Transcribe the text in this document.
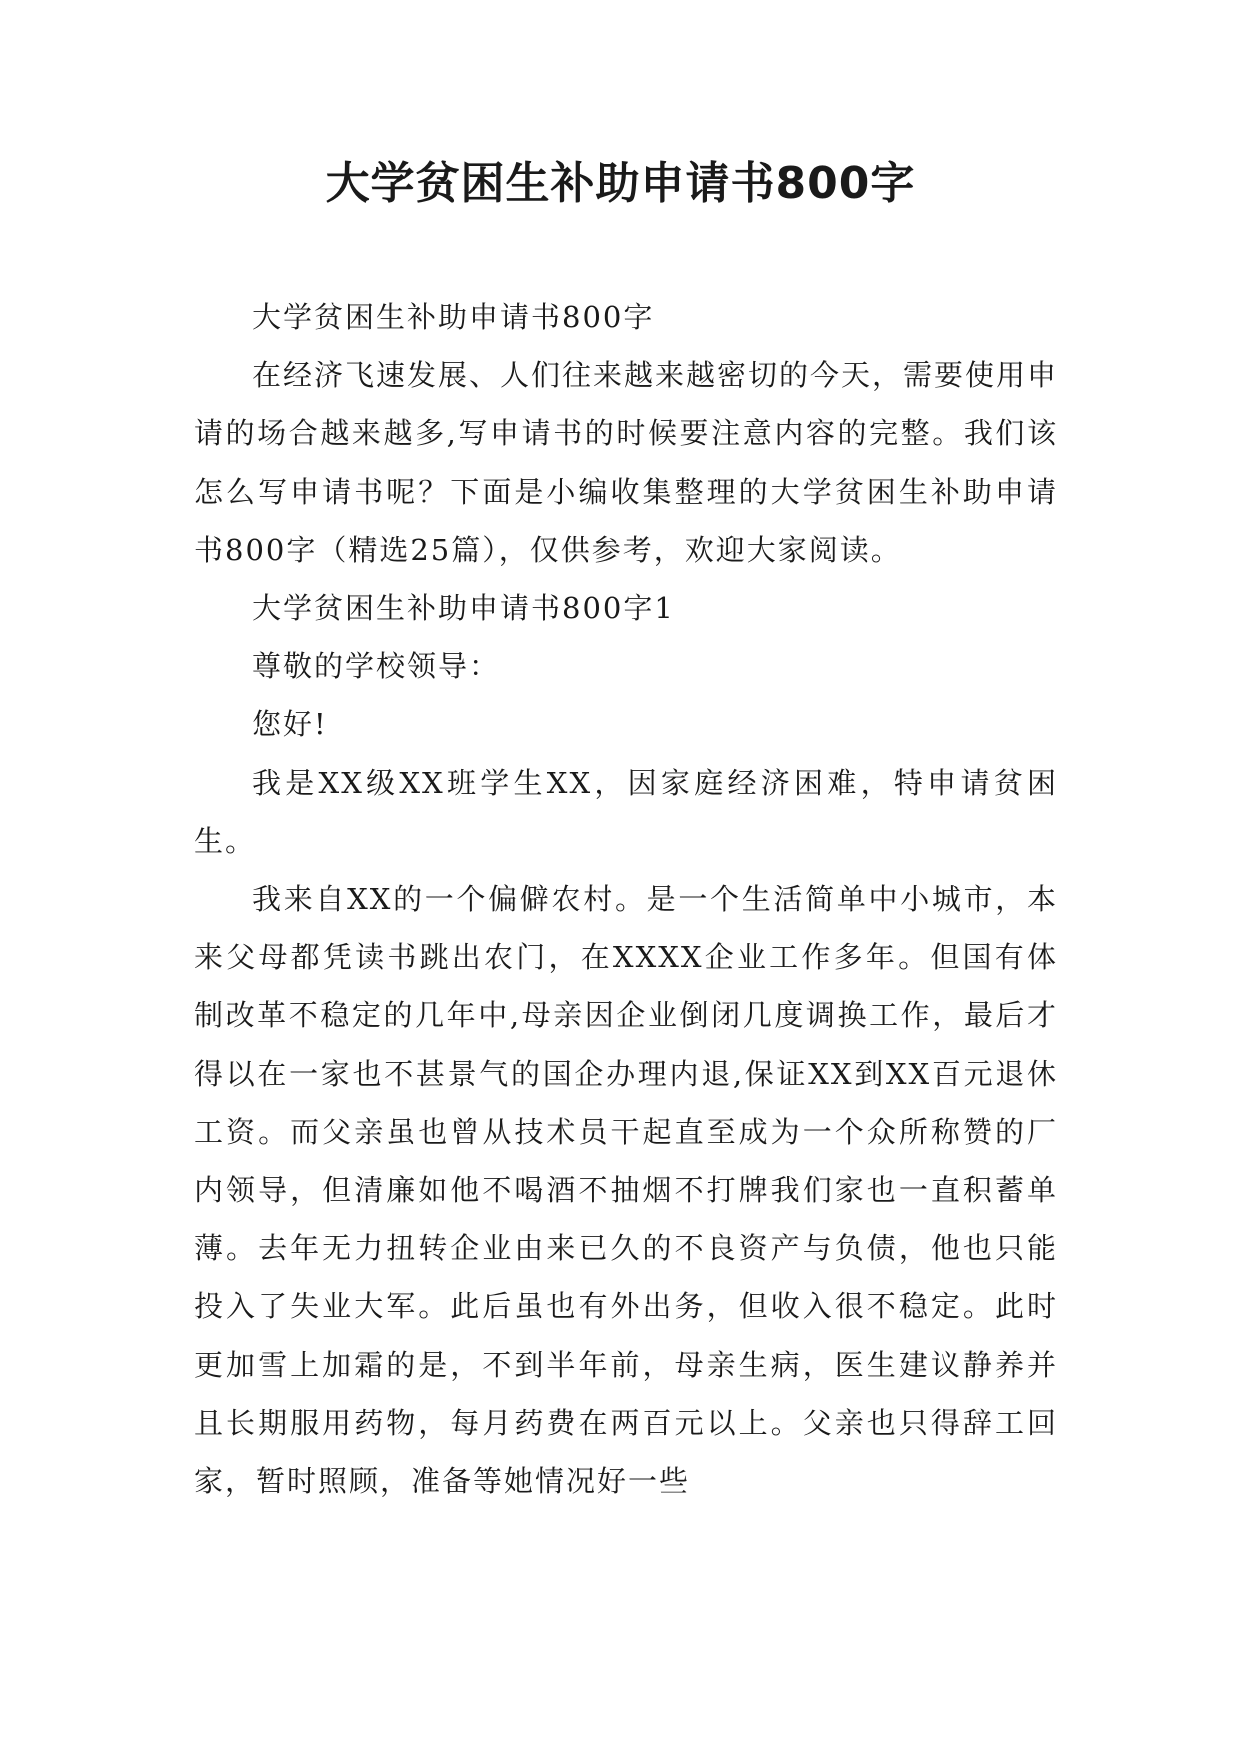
大学贫困生补助申请书800字

大学贫困生补助申请书800字

在经济飞速发展、人们往来越来越密切的今天，需要使用申请的场合越来越多,写申请书的时候要注意内容的完整。我们该怎么写申请书呢？下面是小编收集整理的大学贫困生补助申请书800字（精选25篇），仅供参考，欢迎大家阅读。

大学贫困生补助申请书800字1

尊敬的学校领导：

您好!

我是XX级XX班学生XX，因家庭经济困难，特申请贫困生。

我来自XX的一个偏僻农村。是一个生活简单中小城市，本来父母都凭读书跳出农门，在XXXX企业工作多年。但国有体制改革不稳定的几年中,母亲因企业倒闭几度调换工作，最后才得以在一家也不甚景气的国企办理内退,保证XX到XX百元退休工资。而父亲虽也曾从技术员干起直至成为一个众所称赞的厂内领导，但清廉如他不喝酒不抽烟不打牌我们家也一直积蓄单薄。去年无力扭转企业由来已久的不良资产与负债，他也只能投入了失业大军。此后虽也有外出务，但收入很不稳定。此时更加雪上加霜的是，不到半年前，母亲生病，医生建议静养并且长期服用药物，每月药费在两百元以上。父亲也只得辞工回家，暂时照顾，准备等她情况好一些
